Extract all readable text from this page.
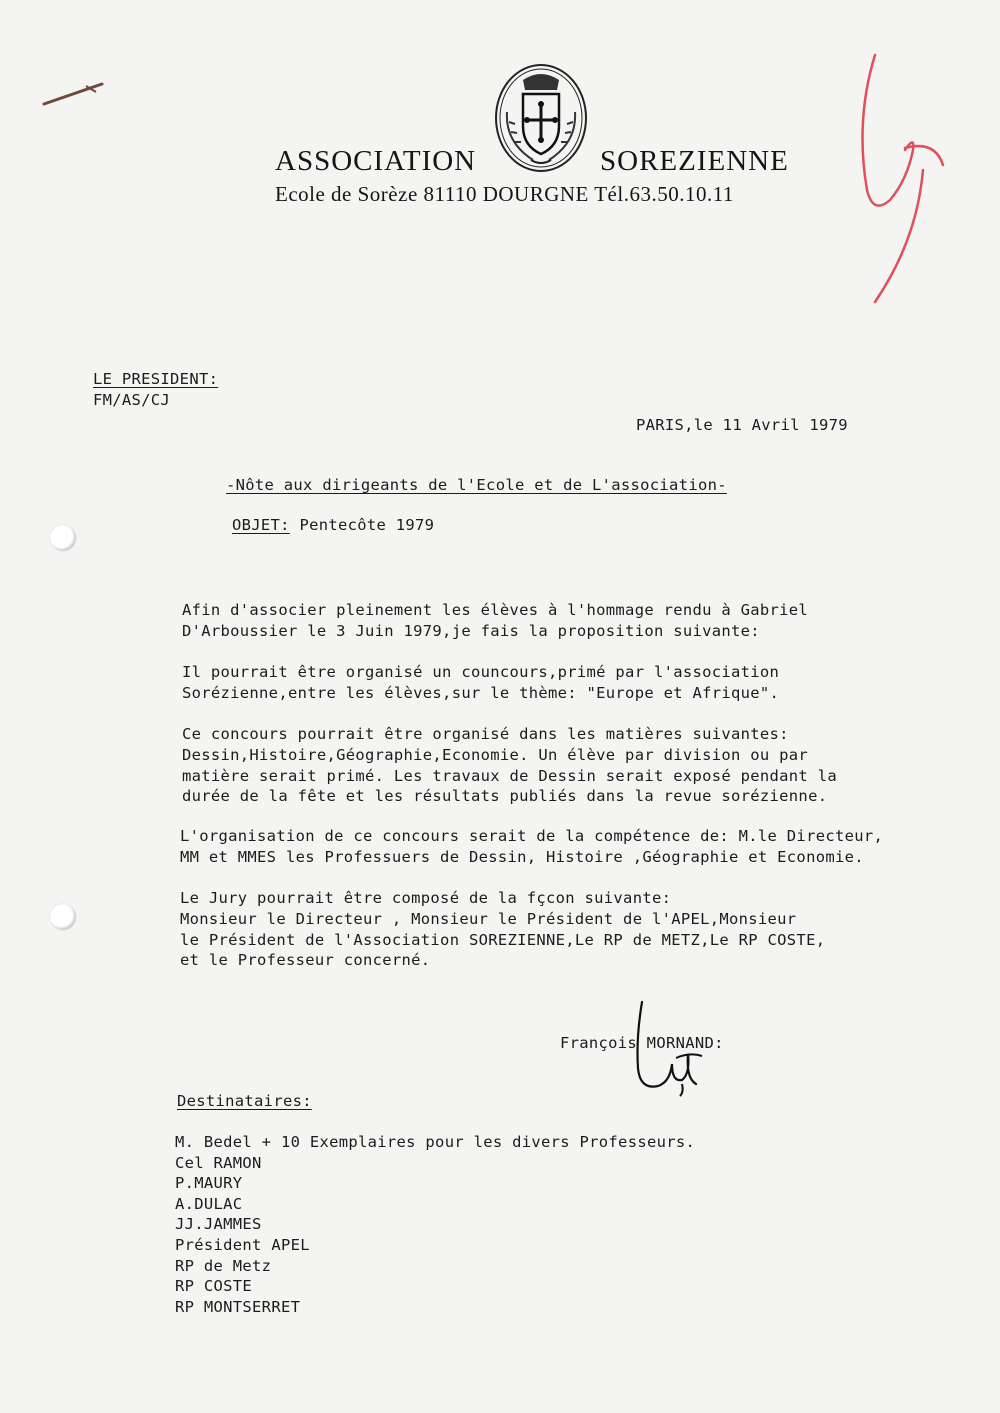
ASSOCIATION	SOREZIENNE
Ecole de Sorèze 81110 DOURGNE Tél.63.50.10.11
LE PRESIDENT:
FM/AS/CJ
PARIS,le 11 Avril 1979
-Nôte aux dirigeants de l'Ecole et de L'association-
OBJET: Pentecôte 1979
Afin d'associer pleinement les élèves à l'hommage rendu à Gabriel
D'Arboussier le 3 Juin 1979,je fais la proposition suivante:
Il pourrait être organisé un councours,primé par l'association
Sorézienne,entre les élèves,sur le thème: "Europe et Afrique".
Ce concours pourrait être organisé dans les matières suivantes:
Dessin,Histoire,Géographie,Economie. Un élève par division ou par
matière serait primé. Les travaux de Dessin serait exposé pendant la
durée de la fête et les résultats publiés dans la revue sorézienne.
L'organisation de ce concours serait de la compétence de: M.le Directeur,
MM et MMES les Professuers de Dessin, Histoire ,Géographie et Economie.
Le Jury pourrait être composé de la fçcon suivante:
Monsieur le Directeur , Monsieur le Président de l'APEL,Monsieur
le Président de l'Association SOREZIENNE,Le RP de METZ,Le RP COSTE,
et le Professeur concerné.
François MORNAND:
Destinataires:
M. Bedel + 10 Exemplaires pour les divers Professeurs.
Cel RAMON
P.MAURY
A.DULAC
JJ.JAMMES
Président APEL
RP de Metz
RP COSTE
RP MONTSERRET
